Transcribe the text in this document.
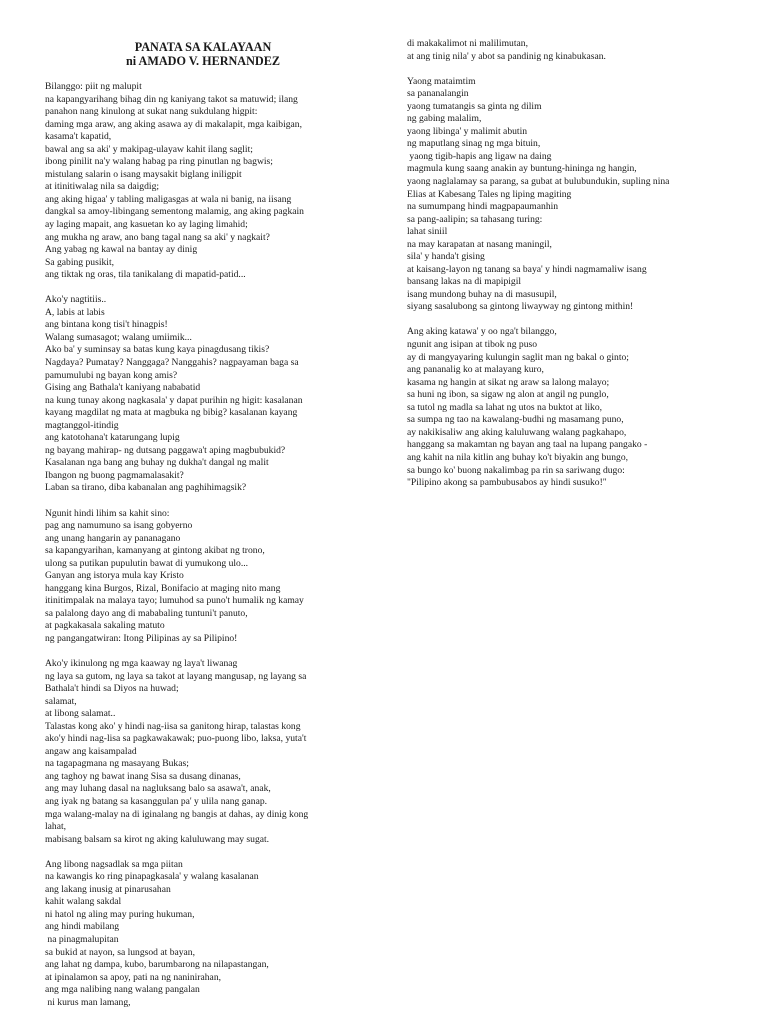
PANATA SA KALAYAAN
ni AMADO V. HERNANDEZ
Bilanggo: piit ng malupit
na kapangyarihang bihag din ng kaniyang takot sa matuwid; ilang
panahon nang kinulong at sukat nang sukdulang higpit:
daming mga araw, ang aking asawa ay di makalapit, mga kaibigan,
kasama't kapatid,
bawal ang sa aki' y makipag-ulayaw kahit ilang saglit;
ibong pinilit na'y walang habag pa ring pinutlan ng bagwis;
mistulang salarin o isang maysakit biglang iniligpit
at itinitiwalag nila sa daigdig;
ang aking higaa' y tabling maligasgas at wala ni banig, na iisang
dangkal sa amoy-libingang sementong malamig, ang aking pagkain
ay laging mapait, ang kasuetan ko ay laging limahid;
ang mukha ng araw, ano bang tagal nang sa aki' y nagkait?
Ang yabag ng kawal na bantay ay dinig
Sa gabing pusikit,
ang tiktak ng oras, tila tanikalang di mapatid-patid...
Ako'y nagtitiis..
A, labis at labis
ang bintana kong tisi't hinagpis!
Walang sumasagot; walang umiimik...
Ako ba' y suminsay sa batas kung kaya pinagdusang tikis?
Nagdaya? Pumatay? Nanggaga? Nanggahis? nagpayaman baga sa
pamumulubi ng bayan kong amis?
Gising ang Bathala't kaniyang nababatid
na kung tunay akong nagkasala' y dapat purihin ng higit: kasalanan
kayang magdilat ng mata at magbuka ng bibig? kasalanan kayang
magtanggol-itindig
ang katotohana't katarungang lupig
ng bayang mahirap- ng dutsang paggawa't aping magbubukid?
Kasalanan nga bang ang buhay ng dukha't dangal ng malit
Ibangon ng buong pagmamalasakit?
Laban sa tirano, diba kabanalan ang paghihimagsik?
Ngunit hindi lihim sa kahit sino:
pag ang namumuno sa isang gobyerno
ang unang hangarin ay pananagano
sa kapangyarihan, kamanyang at gintong akibat ng trono,
ulong sa putikan pupulutin bawat di yumukong ulo...
Ganyan ang istorya mula kay Kristo
hanggang kina Burgos, Rizal, Bonifacio at maging nito mang
itinitimpalak na malaya tayo; lumuhod sa puno't humalik ng kamay
sa palalong dayo ang di mababaling tuntuni't panuto,
at pagkakasala sakaling matuto
ng pangangatwiran: Itong Pilipinas ay sa Pilipino!
Ako'y ikinulong ng mga kaaway ng laya't liwanag
ng laya sa gutom, ng laya sa takot at layang mangusap, ng layang sa
Bathala't hindi sa Diyos na huwad;
salamat,
at libong salamat..
Talastas kong ako' y hindi nag-iisa sa ganitong hirap, talastas kong
ako'y hindi nag-lisa sa pagkawakawak; puo-puong libo, laksa, yuta't
angaw ang kaisampalad
na tagapagmana ng masayang Bukas;
ang taghoy ng bawat inang Sisa sa dusang dinanas,
ang may luhang dasal na nagluksang balo sa asawa't, anak,
ang iyak ng batang sa kasanggulan pa' y ulila nang ganap.
mga walang-malay na di iginalang ng bangis at dahas, ay dinig kong
lahat,
mabisang balsam sa kirot ng aking kaluluwang may sugat.
Ang libong nagsadlak sa mga piitan
na kawangis ko ring pinapagkasala' y walang kasalanan
ang lakang inusig at pinarusahan
kahit walang sakdal
ni hatol ng aling may puring hukuman,
ang hindi mabilang
na pinagmalupitan
sa bukid at nayon, sa lungsod at bayan,
ang lahat ng dampa, kubo, barumbarong na nilapastangan,
at ipinalamon sa apoy, pati na ng naninirahan,
ang mga nalibing nang walang pangalan
ni kurus man lamang,
di makakalimot ni malilimutan,
at ang tinig nila' y abot sa pandinig ng kinabukasan.
Yaong mataimtim
sa pananalangin
yaong tumatangis sa ginta ng dilim
ng gabing malalim,
yaong libinga' y malimit abutin
ng maputlang sinag ng mga bituin,
yaong tigib-hapis ang ligaw na daing
magmula kung saang anakin ay buntung-hininga ng hangin,
yaong naglalamay sa parang, sa gubat at bulubundukin, supling nina
Elias at Kabesang Tales ng liping magiting
na sumumpang hindi magpapaumanhin
sa pang-aalipin; sa tahasang turing:
lahat siniil
na may karapatan at nasang maningil,
sila' y handa't gising
at kaisang-layon ng tanang sa baya' y hindi nagmamaliw isang
bansang lakas na di mapipigil
isang mundong buhay na di masusupil,
siyang sasalubong sa gintong liwayway ng gintong mithin!
Ang aking katawa' y oo nga't bilanggo,
ngunit ang isipan at tibok ng puso
ay di mangyayaring kulungin saglit man ng bakal o ginto;
ang pananalig ko at malayang kuro,
kasama ng hangin at sikat ng araw sa lalong malayo;
sa huni ng ibon, sa sigaw ng alon at angil ng punglo,
sa tutol ng madla sa lahat ng utos na buktot at liko,
sa sumpa ng tao na kawalang-budhi ng masamang puno,
ay nakikisaliw ang aking kaluluwang walang pagkahapo,
hanggang sa makamtan ng bayan ang taal na lupang pangako -
ang kahit na nila kitlin ang buhay ko't biyakin ang bungo,
sa bungo ko' buong nakalimbag pa rin sa sariwang dugo:
"Pilipino akong sa pambubusabos ay hindi susuko!"
